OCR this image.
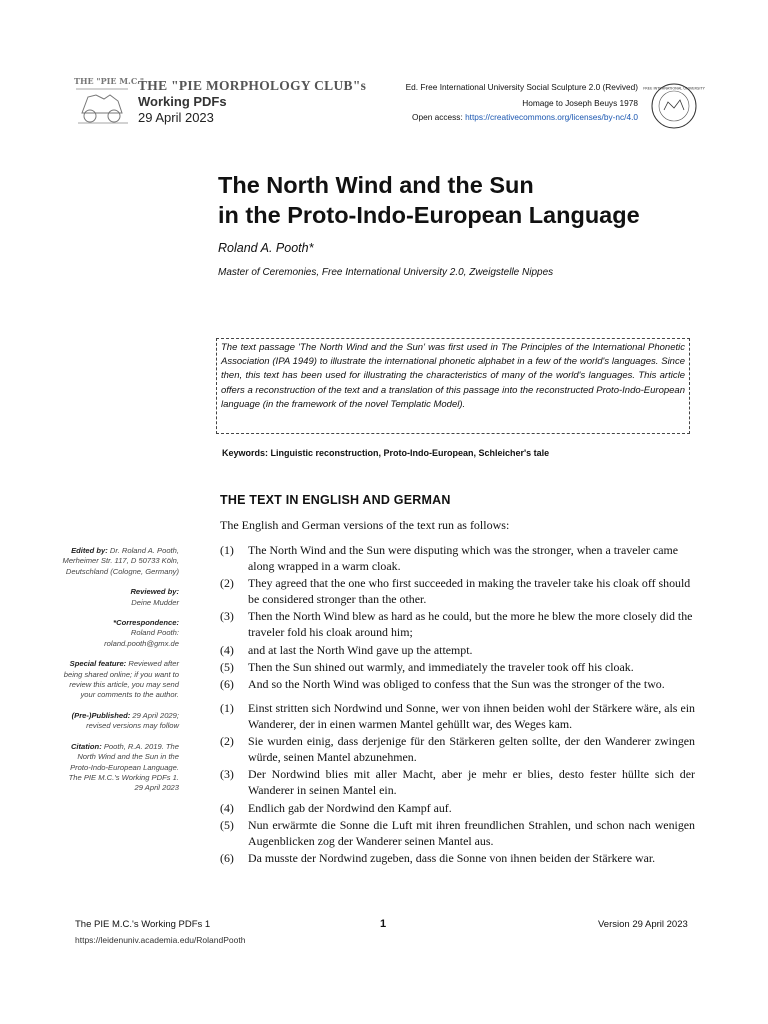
THE "PIE M.C."
THE "PIE MORPHOLOGY CLUB"s
Working PDFs
29 April 2023
Ed. Free International University Social Sculpture 2.0 (Revived)
Homage to Joseph Beuys 1978
Open access: https://creativecommons.org/licenses/by-nc/4.0
FREE INTERNATIONAL UNIVERSITY
The North Wind and the Sun
in the Proto-Indo-European Language
Roland A. Pooth*
Master of Ceremonies, Free International University 2.0, Zweigstelle Nippes

The text passage 'The North Wind and the Sun' was first used in The Principles of the International Phonetic Association (IPA 1949) to illustrate the international phonetic alphabet in a few of the world's languages. Since then, this text has been used for illustrating the characteristics of many of the world's languages. This article offers a reconstruction of the text and a translation of this passage into the reconstructed Proto-Indo-European language (in the framework of the novel Templatic Model).

Keywords: Linguistic reconstruction, Proto-Indo-European, Schleicher's tale
Edited by: Dr. Roland A. Pooth, Merheimer Str. 117, D 50733 Köln, Deutschland (Cologne, Germany)
Reviewed by:
Deine Mudder
*Correspondence:
Roland Pooth: roland.pooth@gmx.de
Special feature: Reviewed after being shared online; if you want to review this article, you may send your comments to the author.
(Pre-)Published: 29 April 2029; revised versions may follow
Citation: Pooth, R.A. 2019. The North Wind and the Sun in the Proto-Indo-European Language. The PIE M.C.'s Working PDFs 1. 29 April 2023
THE TEXT IN ENGLISH AND GERMAN
The English and German versions of the text run as follows:
(1) The North Wind and the Sun were disputing which was the stronger, when a traveler came along wrapped in a warm cloak.
(2) They agreed that the one who first succeeded in making the traveler take his cloak off should be considered stronger than the other.
(3) Then the North Wind blew as hard as he could, but the more he blew the more closely did the traveler fold his cloak around him;
(4) and at last the North Wind gave up the attempt.
(5) Then the Sun shined out warmly, and immediately the traveler took off his cloak.
(6) And so the North Wind was obliged to confess that the Sun was the stronger of the two.
(1) Einst stritten sich Nordwind und Sonne, wer von ihnen beiden wohl der Stärkere wäre, als ein Wanderer, der in einen warmen Mantel gehüllt war, des Weges kam.
(2) Sie wurden einig, dass derjenige für den Stärkeren gelten sollte, der den Wanderer zwingen würde, seinen Mantel abzunehmen.
(3) Der Nordwind blies mit aller Macht, aber je mehr er blies, desto fester hüllte sich der Wanderer in seinen Mantel ein.
(4) Endlich gab der Nordwind den Kampf auf.
(5) Nun erwärmte die Sonne die Luft mit ihren freundlichen Strahlen, und schon nach wenigen Augenblicken zog der Wanderer seinen Mantel aus.
(6) Da musste der Nordwind zugeben, dass die Sonne von ihnen beiden der Stärkere war.
The PIE M.C.'s Working PDFs 1	1	Version 29 April 2023
https://leidenuniv.academia.edu/RolandPooth
